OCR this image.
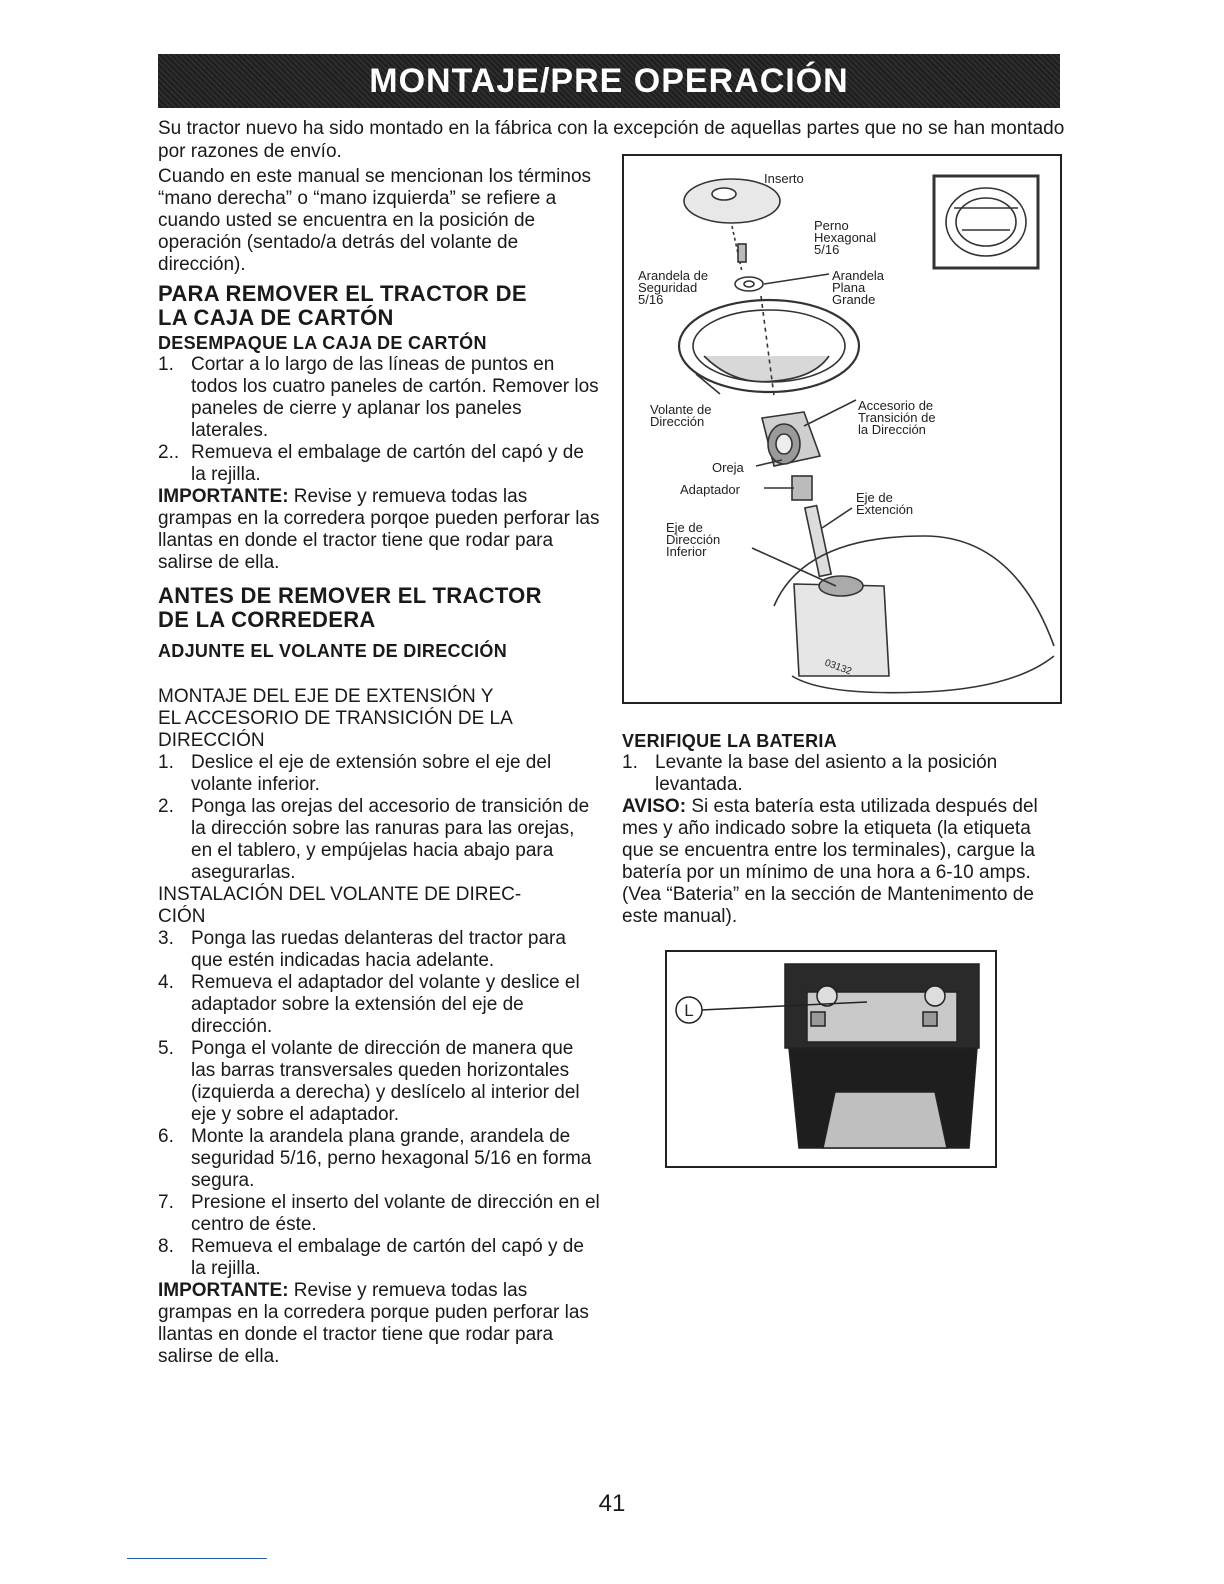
MONTAJE/PRE OPERACIÓN
Su tractor nuevo ha sido montado en la fábrica con la excepción de aquellas partes que no se han montado por razones de envío.

Cuando en este manual se mencionan los términos “mano derecha” o “mano izquierda” se refiere a cuando usted se encuentra en la posición de operación (sentado/a detrás del volante de dirección).

PARA REMOVER EL TRACTOR DE
LA CAJA DE CARTÓN
DESEMPAQUE LA CAJA DE CARTÓN
1. Cortar a lo largo de las líneas de puntos en todos los cuatro paneles de cartón. Remover los paneles de cierre y aplanar los paneles laterales.
2.. Remueva el embalage de cartón del capó y de la rejilla.

IMPORTANTE: Revise y remueva todas las grampas en la corredera porqoe pueden perforar las llantas en donde el tractor tiene que rodar para salirse de ella.

ANTES DE REMOVER EL TRACTOR
DE LA CORREDERA
ADJUNTE EL VOLANTE DE DIRECCIÓN
MONTAJE DEL EJE DE EXTENSIÓN Y
EL ACCESORIO DE TRANSICIÓN DE LA
DIRECCIÓN
1. Deslice el eje de extensión sobre el eje del volante inferior.
2. Ponga las orejas del accesorio de transición de la dirección sobre las ranuras para las orejas, en el tablero, y empújelas hacia abajo para asegurarlas.
INSTALACIÓN DEL VOLANTE DE DIREC-
CIÓN
3. Ponga las ruedas delanteras del tractor para que estén indicadas hacia adelante.
4. Remueva el adaptador del volante y deslice el adaptador sobre la extensión del eje de dirección.
5. Ponga el volante de dirección de manera que las barras transversales queden horizontales (izquierda a derecha) y deslícelo al interior del eje y sobre el adaptador.
6. Monte la arandela plana grande, arandela de seguridad 5/16, perno hexagonal 5/16 en forma segura.
7. Presione el inserto del volante de dirección en el centro de éste.
8. Remueva el embalage de cartón del capó y de la rejilla.

IMPORTANTE: Revise y remueva todas las grampas en la corredera porque puden perforar las llantas en donde el tractor tiene que rodar para salirse de ella.

Inserto
Perno
Hexagonal
5/16
Arandela de
Seguridad
5/16
Arandela
Plana
Grande
Volante de
Dirección
Accesorio de
Transición de
la Dirección
Oreja
Adaptador
Eje de
Extención
Eje de
Dirección
Inferior
03132
VERIFIQUE LA BATERIA
1. Levante la base del asiento a la posición levantada.

AVISO: Si esta batería esta utilizada después del mes y año indicado sobre la etiqueta (la etiqueta que se encuentra entre los terminales), cargue la batería por un mínimo de una hora a 6-10 amps. (Vea “Bateria” en la sección de Mantenimento de este manual).

L
41
